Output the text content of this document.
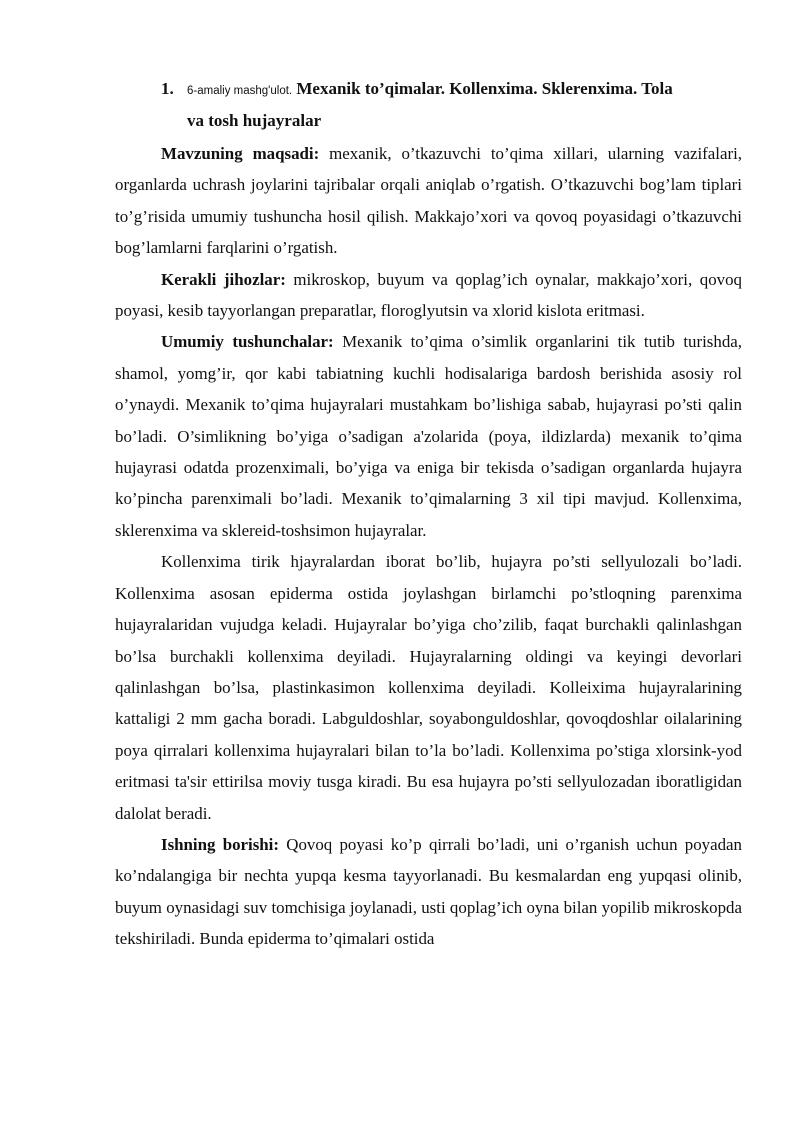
1. 6-amaliy mashg'ulot. Mexanik to’qimalar. Kollenxima. Sklerenxima. Tola
va tosh hujayralar

Mavzuning maqsadi: mexanik, o’tkazuvchi to’qima xillari, ularning vazifalari, organlarda uchrash joylarini tajribalar orqali aniqlab o’rgatish. O’tkazuvchi bog’lam tiplari to’g’risida umumiy tushuncha hosil qilish. Makkajo’xori va qovoq poyasidagi o’tkazuvchi bog’lamlarni farqlarini o’rgatish.

Kerakli jihozlar: mikroskop, buyum va qoplag’ich oynalar, makkajo’xori, qovoq poyasi, kesib tayyorlangan preparatlar, floroglyutsin va xlorid kislota eritmasi.

Umumiy tushunchalar: Mexanik to’qima o’simlik organlarini tik tutib turishda, shamol, yomg’ir, qor kabi tabiatning kuchli hodisalariga bardosh berishida asosiy rol o’ynaydi. Mexanik to’qima hujayralari mustahkam bo’lishiga sabab, hujayrasi po’sti qalin bo’ladi. O’simlikning bo’yiga o’sadigan a'zolarida (poya, ildizlarda) mexanik to’qima hujayrasi odatda prozenximali, bo’yiga va eniga bir tekisda o’sadigan organlarda hujayra ko’pincha parenximali bo’ladi. Mexanik to’qimalarning 3 xil tipi mavjud. Kollenxima, sklerenxima va sklereid-toshsimon hujayralar.

Kollenxima tirik hjayralardan iborat bo’lib, hujayra po’sti sellyulozali bo’ladi. Kollenxima asosan epiderma ostida joylashgan birlamchi po’stloqning parenxima hujayralaridan vujudga keladi. Hujayralar bo’yiga cho’zilib, faqat burchakli qalinlashgan bo’lsa burchakli kollenxima deyiladi. Hujayralarning oldingi va keyingi devorlari qalinlashgan bo’lsa, plastinkasimon kollenxima deyiladi. Kolleixima hujayralarining kattaligi 2 mm gacha boradi. Labguldoshlar, soyabonguldoshlar, qovoqdoshlar oilalarining poya qirralari kollenxima hujayralari bilan to’la bo’ladi. Kollenxima po’stiga xlorsink-yod eritmasi ta'sir ettirilsa moviy tusga kiradi. Bu esa hujayra po’sti sellyulozadan iboratligidan dalolat beradi.

Ishning borishi: Qovoq poyasi ko’p qirrali bo’ladi, uni o’rganish uchun poyadan ko’ndalangiga bir nechta yupqa kesma tayyorlanadi. Bu kesmalardan eng yupqasi olinib, buyum oynasidagi suv tomchisiga joylanadi, usti qoplag’ich oyna bilan yopilib mikroskopda tekshiriladi. Bunda epiderma to’qimalari ostida
